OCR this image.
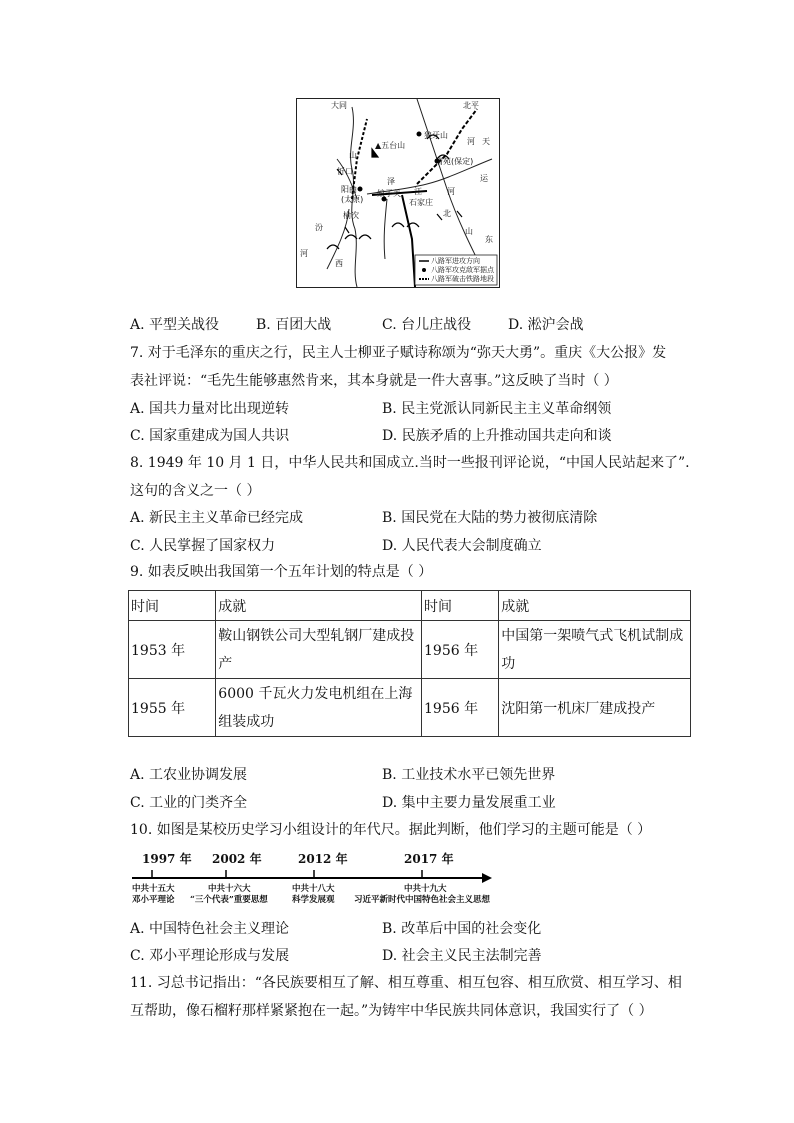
大同	北平
狼牙山
▲五台山	河 天
运
山
清苑(保定)
忻口
阳曲
(太原)
泽
娘子关 江
石家庄
河
北
榆次
汾	山
东
河
西	八路军进攻方向
八路军攻克敌军据点
八路军破击铁路地段
A. 平型关战役	B. 百团大战	C. 台儿庄战役	D. 淞沪会战
7. 对于毛泽东的重庆之行，民主人士柳亚子赋诗称颂为“弥天大勇”。重庆《大公报》发
表社评说：“毛先生能够惠然肯来，其本身就是一件大喜事。”这反映了当时（ ）
A. 国共力量对比出现逆转	B. 民主党派认同新民主主义革命纲领
C. 国家重建成为国人共识	D. 民族矛盾的上升推动国共走向和谈
8. 1949 年 10 月 1 日，中华人民共和国成立.当时一些报刊评论说，“中国人民站起来了”.
这句的含义之一（ ）
A. 新民主主义革命已经完成	B. 国民党在大陆的势力被彻底清除
C. 人民掌握了国家权力	D. 人民代表大会制度确立
9. 如表反映出我国第一个五年计划的特点是（ ）
时间	成就	时间	成就
1953 年	鞍山钢铁公司大型轧钢厂建成投产	1956 年	中国第一架喷气式飞机试制成功
1955 年	6000 千瓦火力发电机组在上海组装成功	1956 年	沈阳第一机床厂建成投产
A. 工农业协调发展	B. 工业技术水平已领先世界
C. 工业的门类齐全	D. 集中主要力量发展重工业
10. 如图是某校历史学习小组设计的年代尺。据此判断，他们学习的主题可能是（ ）
1997 年 2002 年	2012 年	2017 年
中共十五大
邓小平理论
中共十六大
“三个代表”重要思想
中共十八大
科学发展观
中共十九大
习近平新时代中国特色社会主义思想
A. 中国特色社会主义理论	B. 改革后中国的社会变化
C. 邓小平理论形成与发展	D. 社会主义民主法制完善
11. 习总书记指出：“各民族要相互了解、相互尊重、相互包容、相互欣赏、相互学习、相
互帮助，像石榴籽那样紧紧抱在一起。”为铸牢中华民族共同体意识，我国实行了（ ）
